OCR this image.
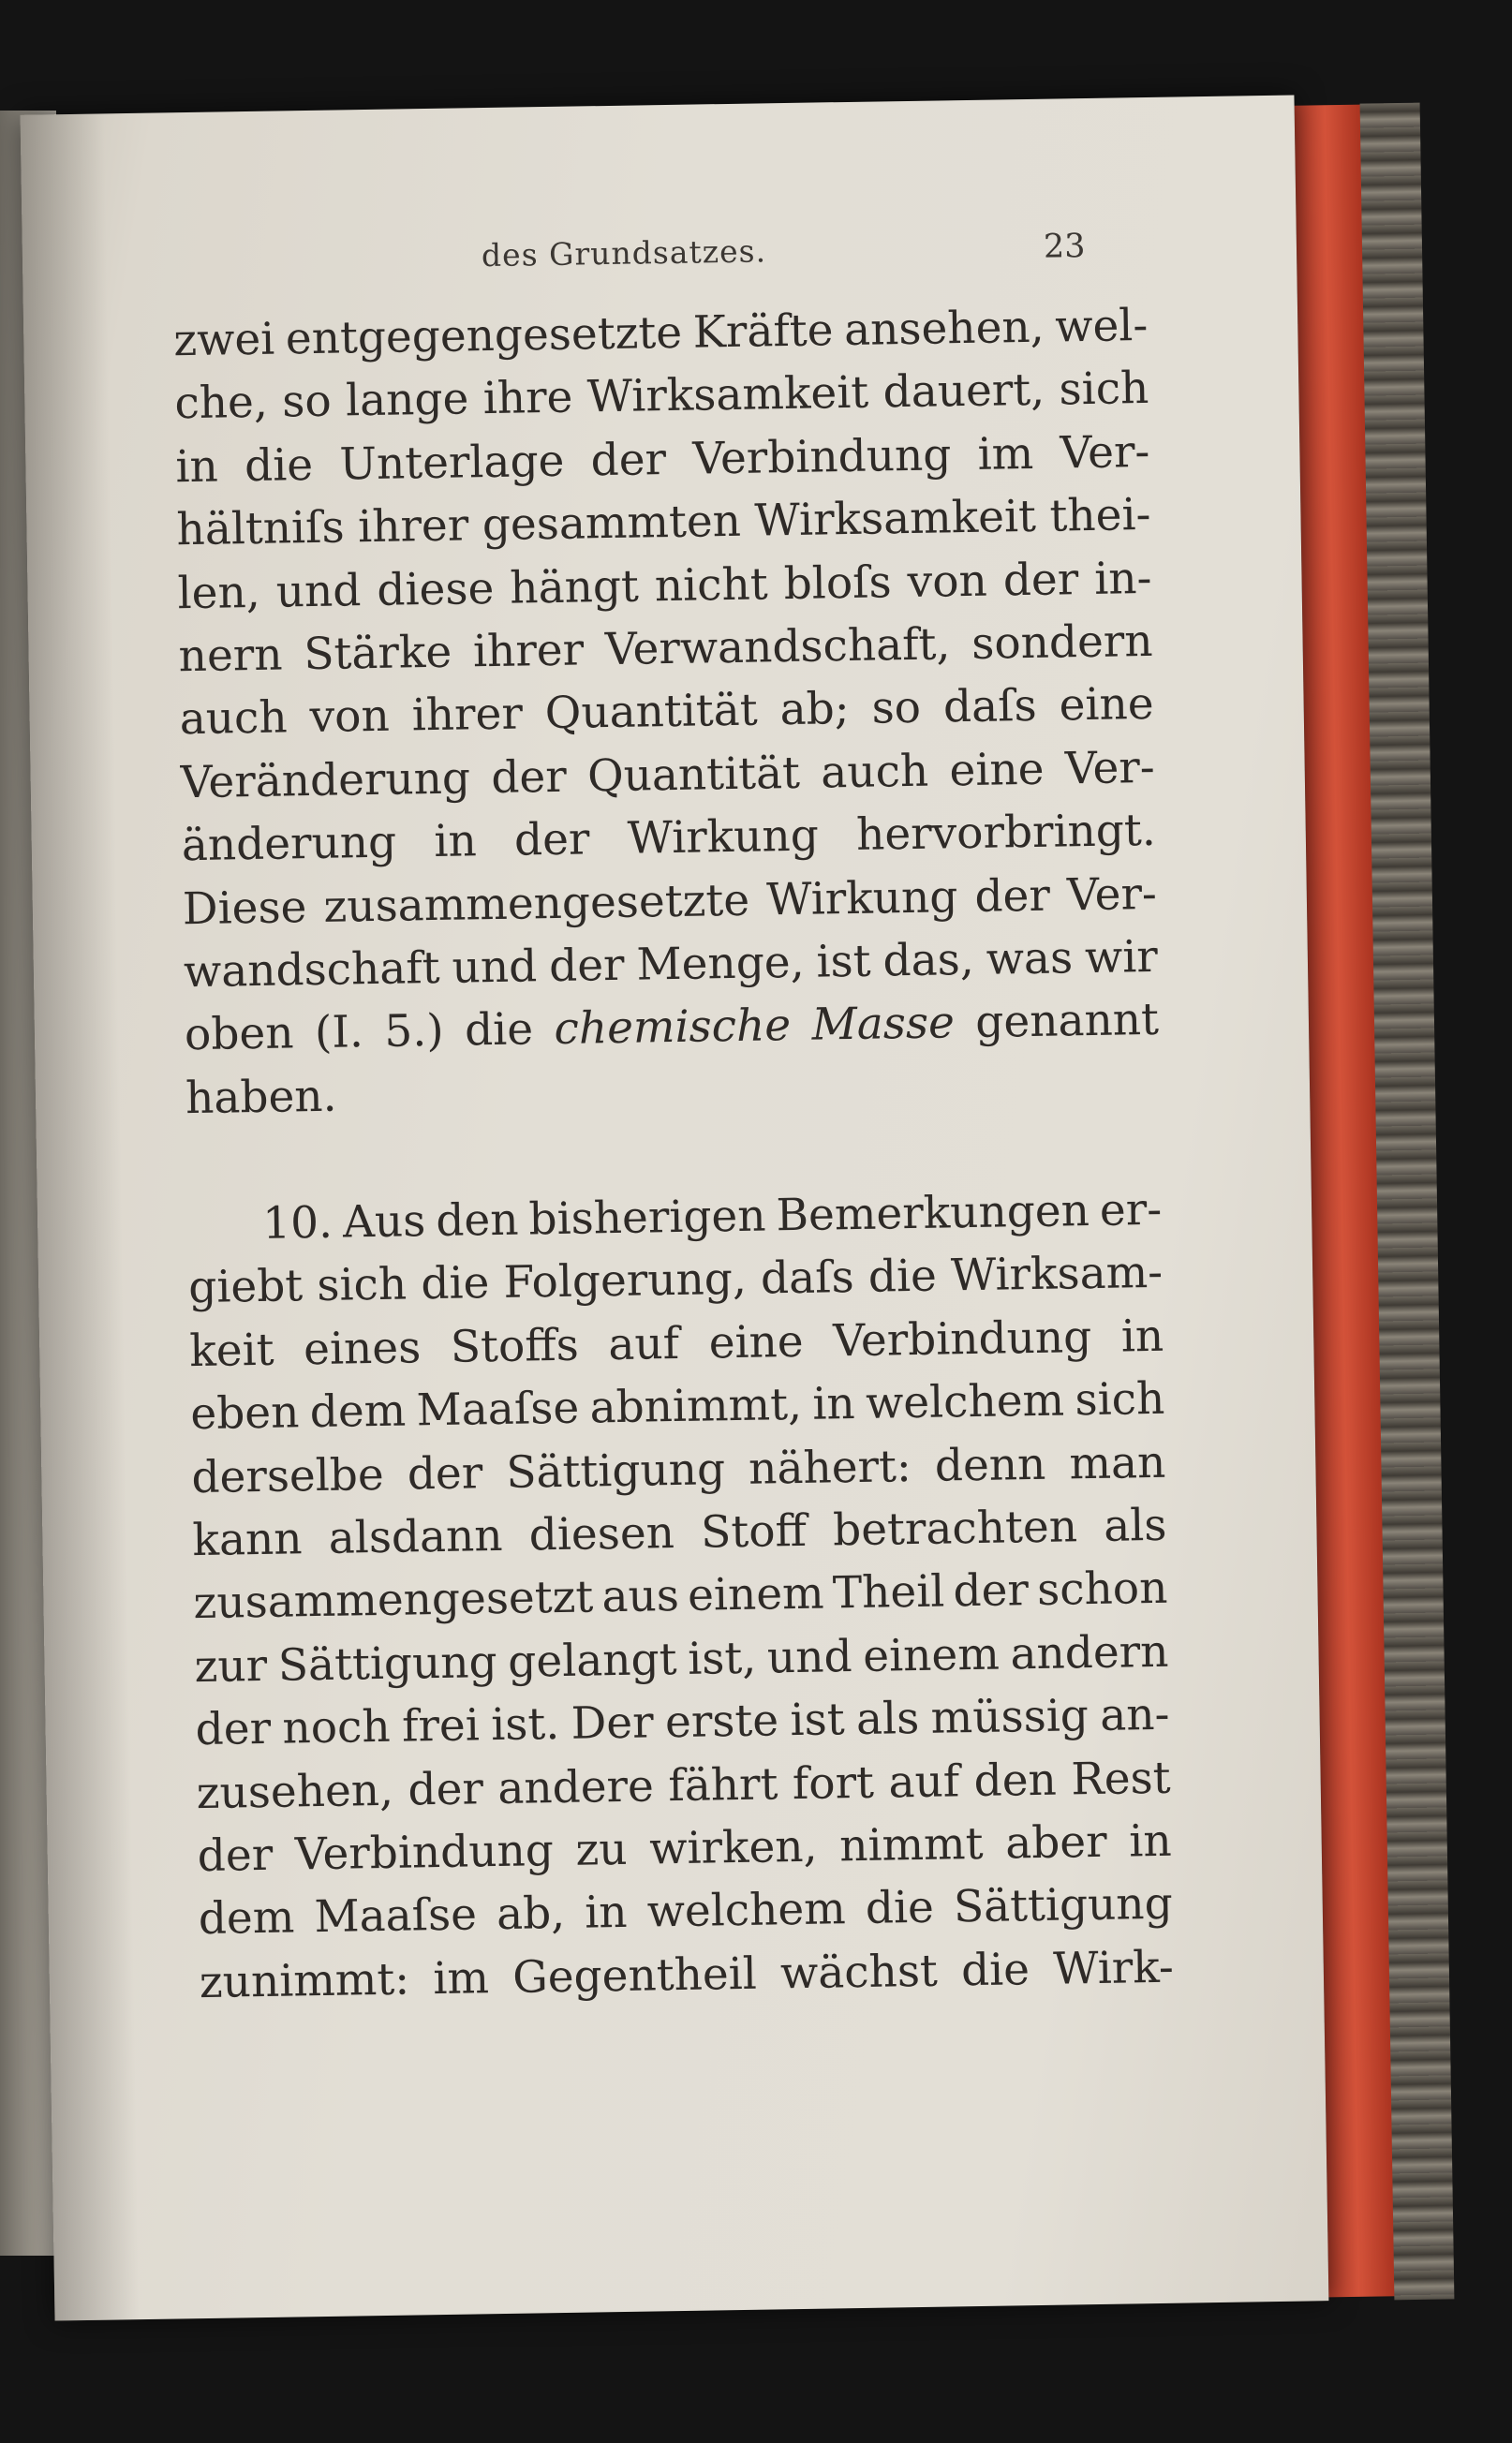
des Grundsatzes.	23
zwei entgegengesetzte Kräfte ansehen, wel-
che, so lange ihre Wirksamkeit dauert, sich
in die Unterlage der Verbindung im Ver-
hältniſs ihrer gesammten Wirksamkeit thei-
len, und diese hängt nicht bloſs von der in-
nern Stärke ihrer Verwandschaft, sondern
auch von ihrer Quantität ab; so daſs eine
Veränderung der Quantität auch eine Ver-
änderung in der Wirkung hervorbringt.
Diese zusammengesetzte Wirkung der Ver-
wandschaft und der Menge, ist das, was wir
oben (I. 5.) die chemische Masse genannt
haben.
10. Aus den bisherigen Bemerkungen er-
giebt sich die Folgerung, daſs die Wirksam-
keit eines Stoffs auf eine Verbindung in
eben dem Maaſse abnimmt, in welchem sich
derselbe der Sättigung nähert: denn man
kann alsdann diesen Stoff betrachten als
zusammengesetzt aus einem Theil der schon
zur Sättigung gelangt ist, und einem andern
der noch frei ist. Der erste ist als müssig an-
zusehen, der andere fährt fort auf den Rest
der Verbindung zu wirken, nimmt aber in
dem Maaſse ab, in welchem die Sättigung
zunimmt: im Gegentheil wächst die Wirk-
